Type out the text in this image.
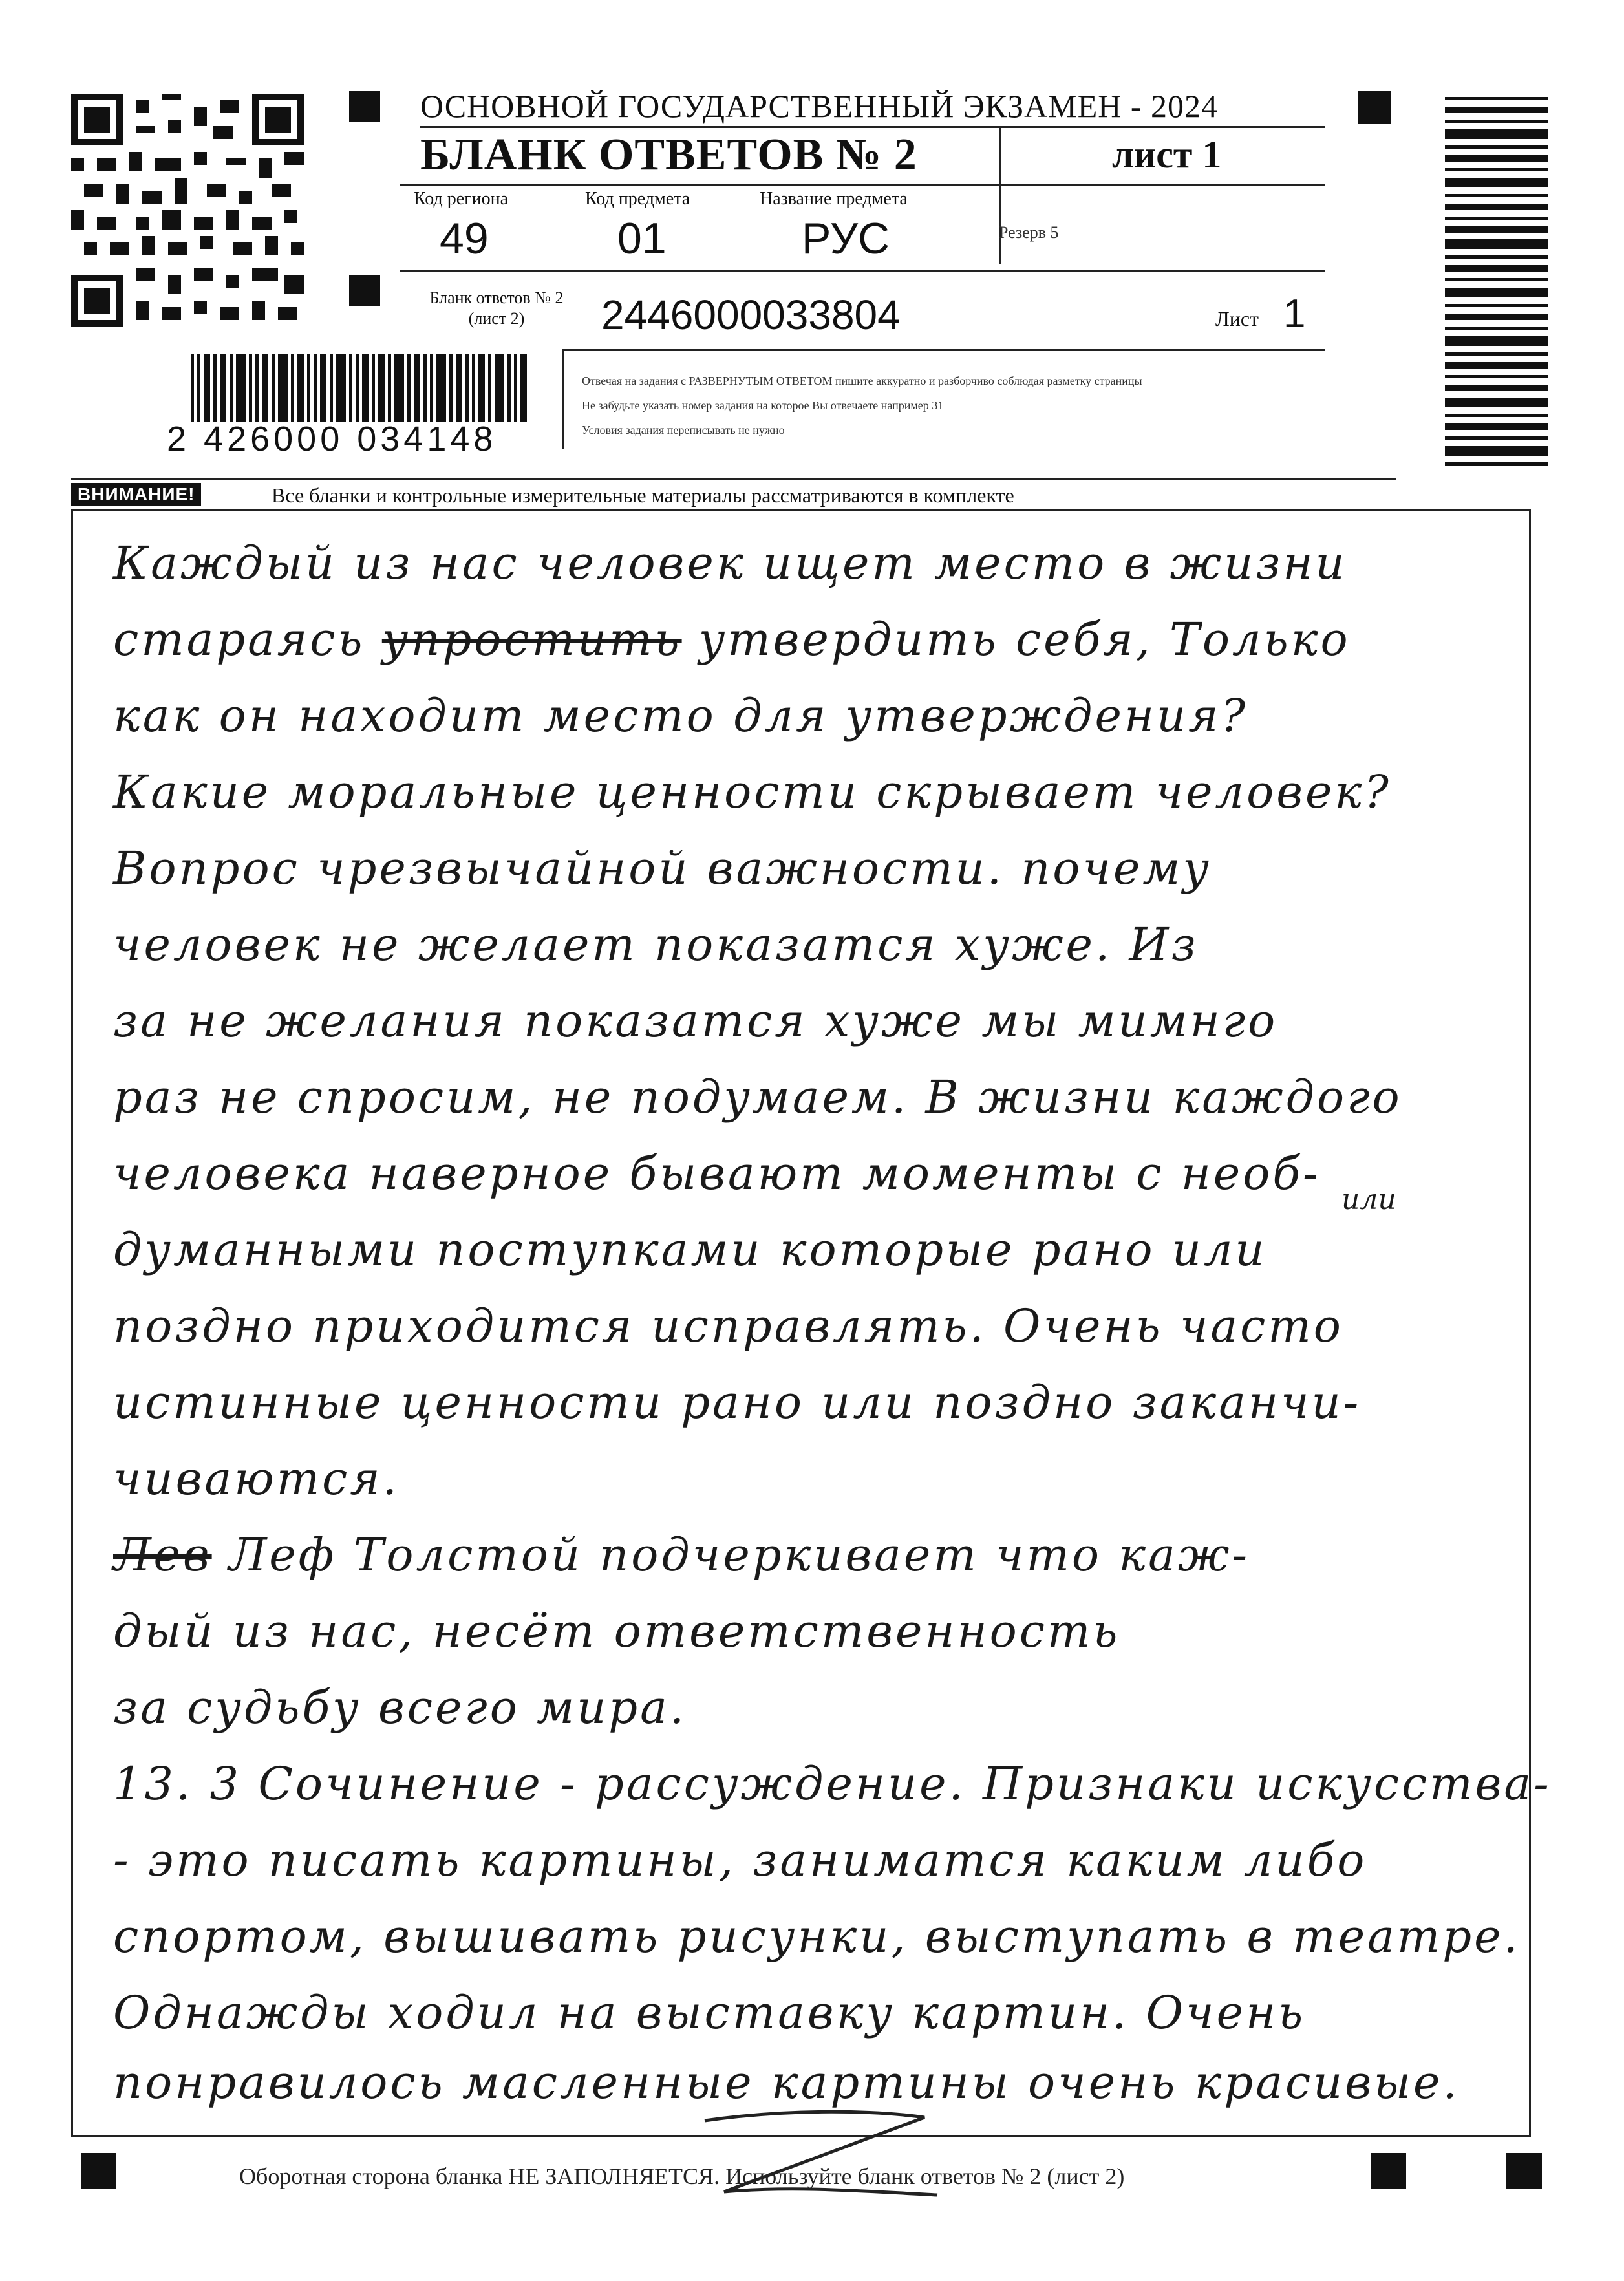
ОСНОВНОЙ ГОСУДАРСТВЕННЫЙ ЭКЗАМЕН - 2024
БЛАНК ОТВЕТОВ № 2	лист 1
Код региона
49
Код предмета
01
Название предмета
РУС	Резерв 5
Бланк ответов № 2
(лист 2)	2446000033804	Лист 1
2 426000 034148
Отвечая на задания с РАЗВЕРНУТЫМ ОТВЕТОМ пишите аккуратно и разборчиво соблюдая разметку страницы
Не забудьте указать номер задания на которое Вы отвечаете например 31
Условия задания переписывать не нужно
ВНИМАНИЕ!	Все бланки и контрольные измерительные материалы рассматриваются в комплекте
Каждый из нас человек ищет место в жизни
стараясь упростить утвердить себя, Только
как он находит место для утверждения?
Какие моральные ценности скрывает человек?
Вопрос чрезвычайной важности. почему
человек не желает показатся хуже. Из
за не желания показатся хуже мы мимнго
раз не спросим, не подумаем. В жизни каждого
человека наверное бывают моменты с необ- или
думанными поступками которые рано или
поздно приходится исправлять. Очень часто
истинные ценности рано или поздно заканчи-
чиваются.
Лев Леф Толстой подчеркивает что каж-
дый из нас, несёт ответственность
за судьбу всего мира.
13. 3 Сочинение - рассуждение. Признаки искусства-
- это писать картины, заниматся каким либо
спортом, вышивать рисунки, выступать в театре.
Однажды ходил на выставку картин. Очень
понравилось масленные картины очень красивые.
Оборотная сторона бланка НЕ ЗАПОЛНЯЕТСЯ. Используйте бланк ответов № 2 (лист 2)
